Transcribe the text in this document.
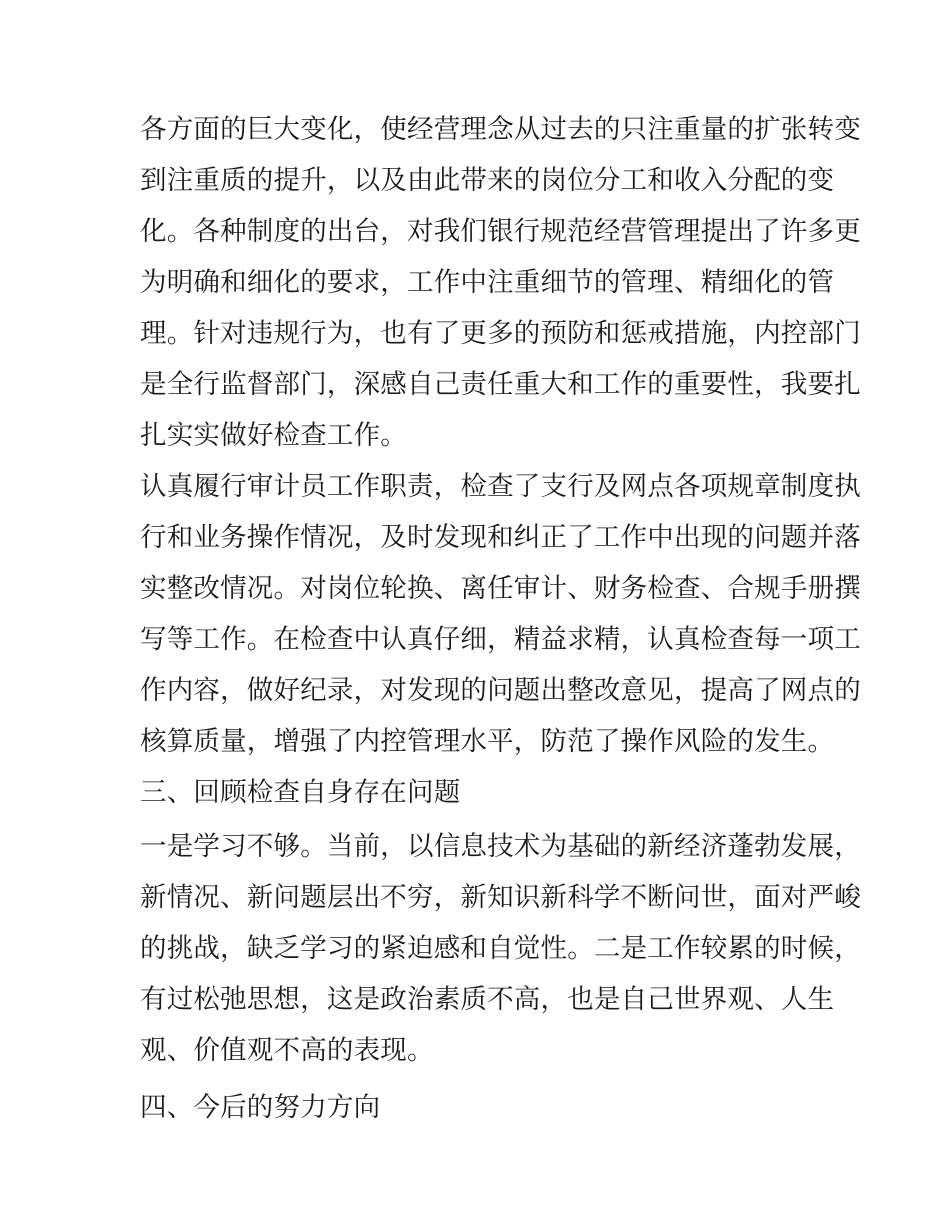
各方面的巨大变化，使经营理念从过去的只注重量的扩张转变
到注重质的提升，以及由此带来的岗位分工和收入分配的变
化。各种制度的出台，对我们银行规范经营管理提出了许多更
为明确和细化的要求，工作中注重细节的管理、精细化的管
理。针对违规行为，也有了更多的预防和惩戒措施，内控部门
是全行监督部门，深感自己责任重大和工作的重要性，我要扎
扎实实做好检查工作。
认真履行审计员工作职责，检查了支行及网点各项规章制度执
行和业务操作情况，及时发现和纠正了工作中出现的问题并落
实整改情况。对岗位轮换、离任审计、财务检查、合规手册撰
写等工作。在检查中认真仔细，精益求精，认真检查每一项工
作内容，做好纪录，对发现的问题出整改意见，提高了网点的
核算质量，增强了内控管理水平，防范了操作风险的发生。
三、回顾检查自身存在问题
一是学习不够。当前，以信息技术为基础的新经济蓬勃发展，
新情况、新问题层出不穷，新知识新科学不断问世，面对严峻
的挑战，缺乏学习的紧迫感和自觉性。二是工作较累的时候，
有过松弛思想，这是政治素质不高，也是自己世界观、人生
观、价值观不高的表现。
四、今后的努力方向
